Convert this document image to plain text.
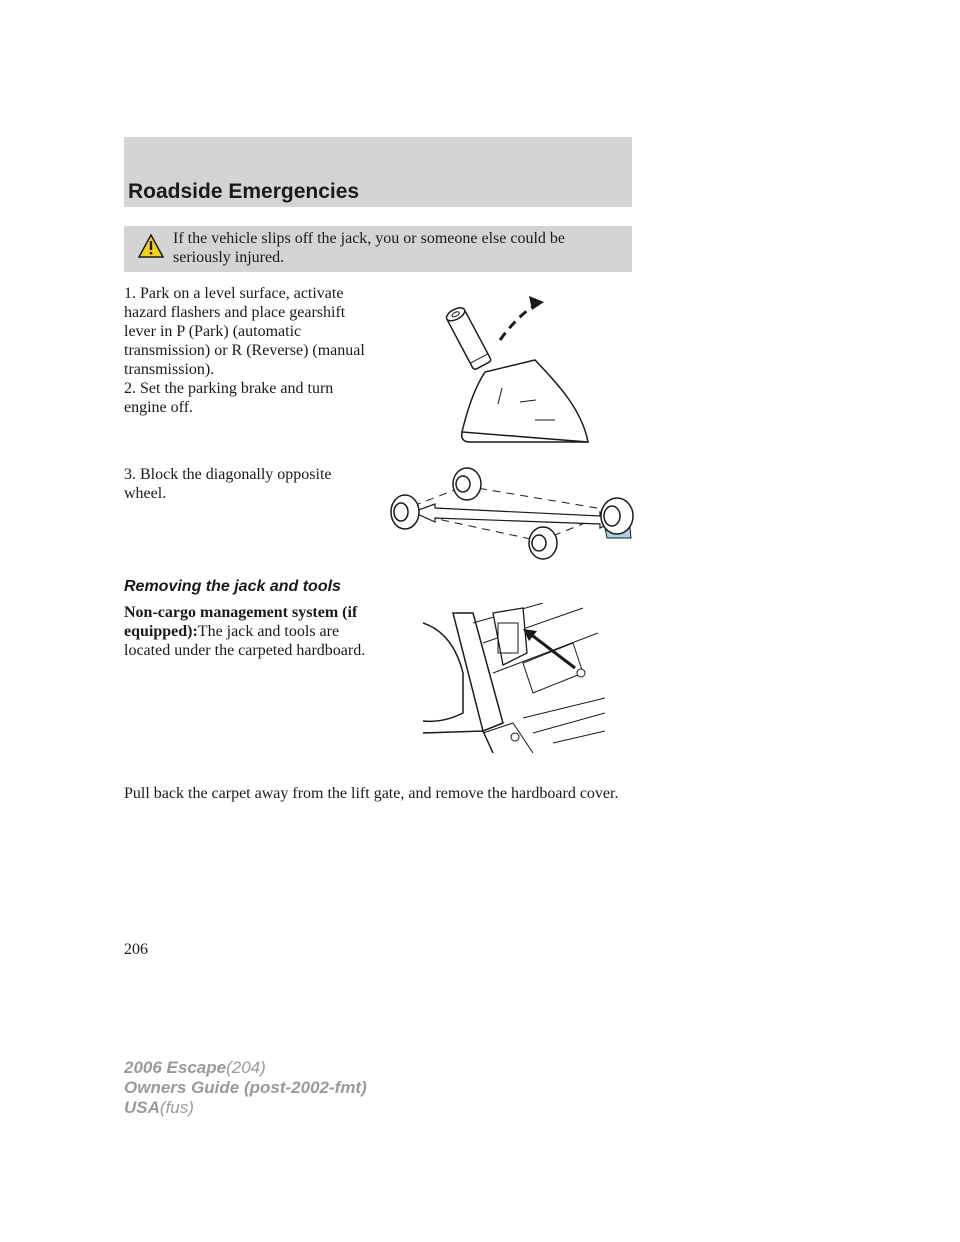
Roadside Emergencies
If the vehicle slips off the jack, you or someone else could be seriously injured.
1. Park on a level surface, activate hazard flashers and place gearshift lever in P (Park) (automatic transmission) or R (Reverse) (manual transmission).
2. Set the parking brake and turn engine off.
3. Block the diagonally opposite wheel.
Removing the jack and tools
Non-cargo management system (if equipped):The jack and tools are located under the carpeted hardboard.
Pull back the carpet away from the lift gate, and remove the hardboard cover.
206
2006 Escape(204)
Owners Guide (post-2002-fmt)
USA(fus)
